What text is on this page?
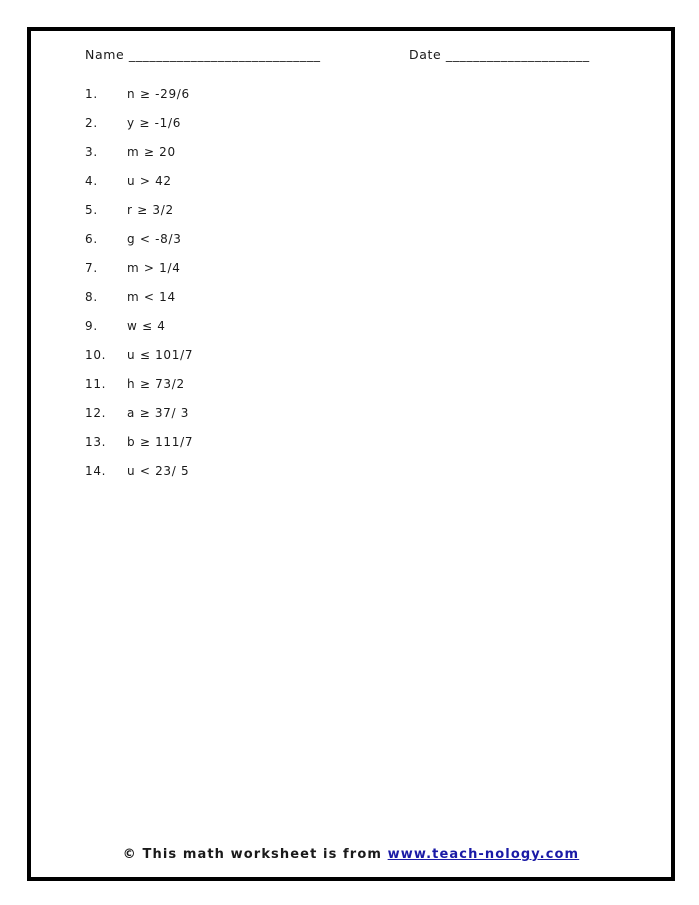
Name ____________________________	Date _____________________
1. n ≥ -29/6
2. y ≥ -1/6
3. m ≥ 20
4. u > 42
5. r ≥ 3/2
6. g < -8/3
7. m > 1/4
8. m < 14
9. w ≤ 4
10. u ≤ 101/7
11. h ≥ 73/2
12. a ≥ 37/ 3
13. b ≥ 111/7
14. u < 23/ 5
© This math worksheet is from www.teach-nology.com
